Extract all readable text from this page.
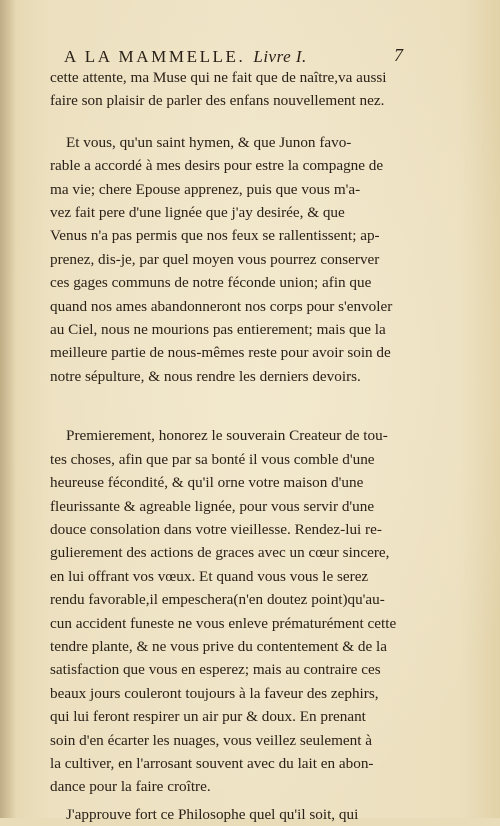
A LA MAMMELLE. Livre I.	7

cette attente, ma Muse qui ne fait que de naître,va aussi
faire son plaisir de parler des enfans nouvellement nez.

Et vous, qu'un saint hymen, & que Junon favo-
rable a accordé à mes desirs pour estre la compagne de
ma vie; chere Epouse apprenez, puis que vous m'a-
vez fait pere d'une lignée que j'ay desirée, & que
Venus n'a pas permis que nos feux se rallentissent; ap-
prenez, dis-je, par quel moyen vous pourrez conserver
ces gages communs de notre féconde union; afin que
quand nos ames abandonneront nos corps pour s'envoler
au Ciel, nous ne mourions pas entierement; mais que la
meilleure partie de nous-mêmes reste pour avoir soin de
notre sépulture, & nous rendre les derniers devoirs.

Premierement, honorez le souverain Createur de tou-
tes choses, afin que par sa bonté il vous comble d'une
heureuse fécondité, & qu'il orne votre maison d'une
fleurissante & agreable lignée, pour vous servir d'une
douce consolation dans votre vieillesse. Rendez-lui re-
gulierement des actions de graces avec un cœur sincere,
en lui offrant vos vœux. Et quand vous vous le serez
rendu favorable,il empeschera(n'en doutez point)qu'au-
cun accident funeste ne vous enleve prématurément cette
tendre plante, & ne vous prive du contentement & de la
satisfaction que vous en esperez; mais au contraire ces
beaux jours couleront toujours à la faveur des zephirs,
qui lui feront respirer un air pur & doux. En prenant
soin d'en écarter les nuages, vous veillez seulement à
la cultiver, en l'arrosant souvent avec du lait en abon-
dance pour la faire croître.

J'approuve fort ce Philosophe quel qu'il soit, qui
